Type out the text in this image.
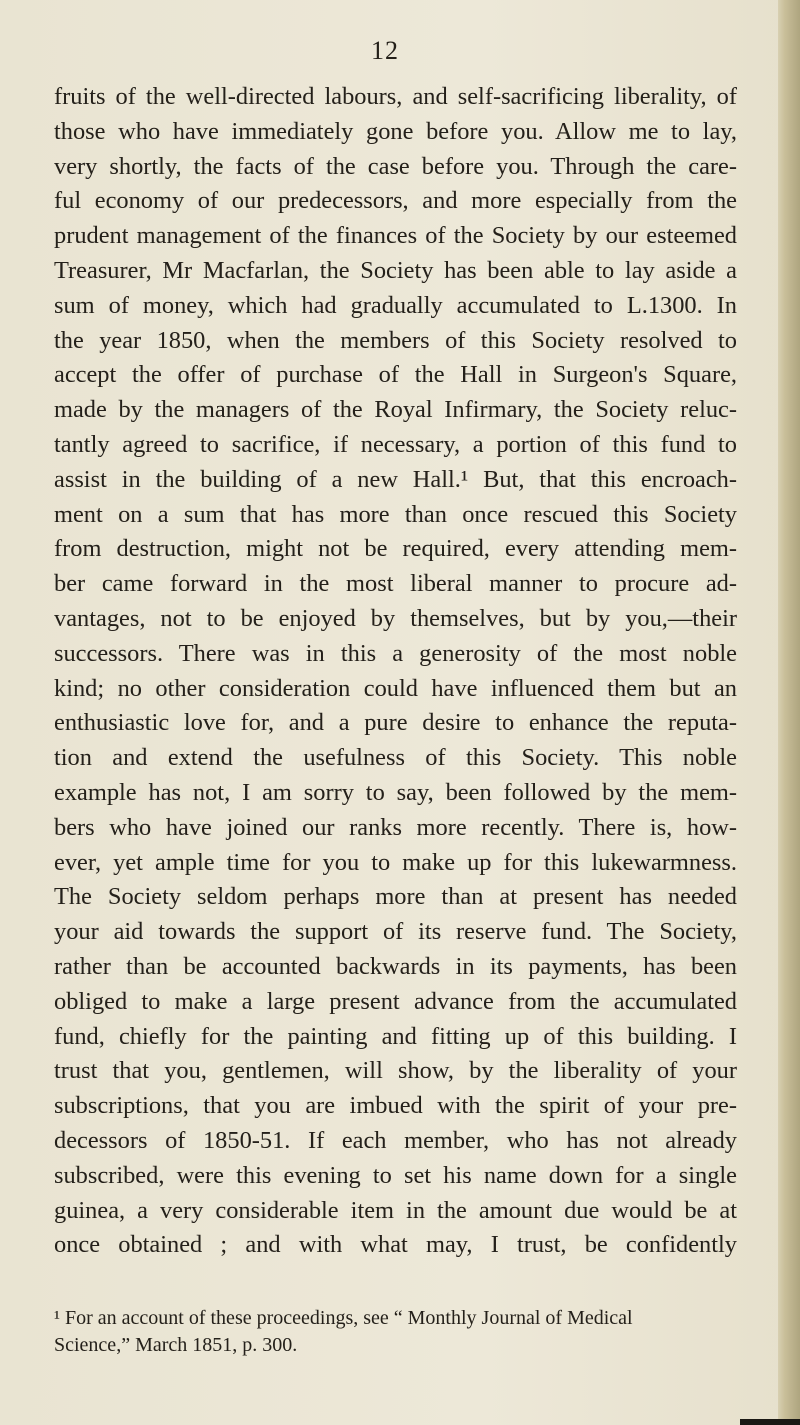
12
fruits of the well-directed labours, and self-sacrificing liberality, of
those who have immediately gone before you. Allow me to lay,
very shortly, the facts of the case before you. Through the care-
ful economy of our predecessors, and more especially from the
prudent management of the finances of the Society by our esteemed
Treasurer, Mr Macfarlan, the Society has been able to lay aside a
sum of money, which had gradually accumulated to L.1300. In
the year 1850, when the members of this Society resolved to
accept the offer of purchase of the Hall in Surgeon's Square,
made by the managers of the Royal Infirmary, the Society reluc-
tantly agreed to sacrifice, if necessary, a portion of this fund to
assist in the building of a new Hall.¹ But, that this encroach-
ment on a sum that has more than once rescued this Society
from destruction, might not be required, every attending mem-
ber came forward in the most liberal manner to procure ad-
vantages, not to be enjoyed by themselves, but by you,—their
successors. There was in this a generosity of the most noble
kind; no other consideration could have influenced them but an
enthusiastic love for, and a pure desire to enhance the reputa-
tion and extend the usefulness of this Society. This noble
example has not, I am sorry to say, been followed by the mem-
bers who have joined our ranks more recently. There is, how-
ever, yet ample time for you to make up for this lukewarmness.
The Society seldom perhaps more than at present has needed
your aid towards the support of its reserve fund. The Society,
rather than be accounted backwards in its payments, has been
obliged to make a large present advance from the accumulated
fund, chiefly for the painting and fitting up of this building. I
trust that you, gentlemen, will show, by the liberality of your
subscriptions, that you are imbued with the spirit of your pre-
decessors of 1850-51. If each member, who has not already
subscribed, were this evening to set his name down for a single
guinea, a very considerable item in the amount due would be at
once obtained ; and with what may, I trust, be confidently
¹ For an account of these proceedings, see “ Monthly Journal of Medical
Science,” March 1851, p. 300.
